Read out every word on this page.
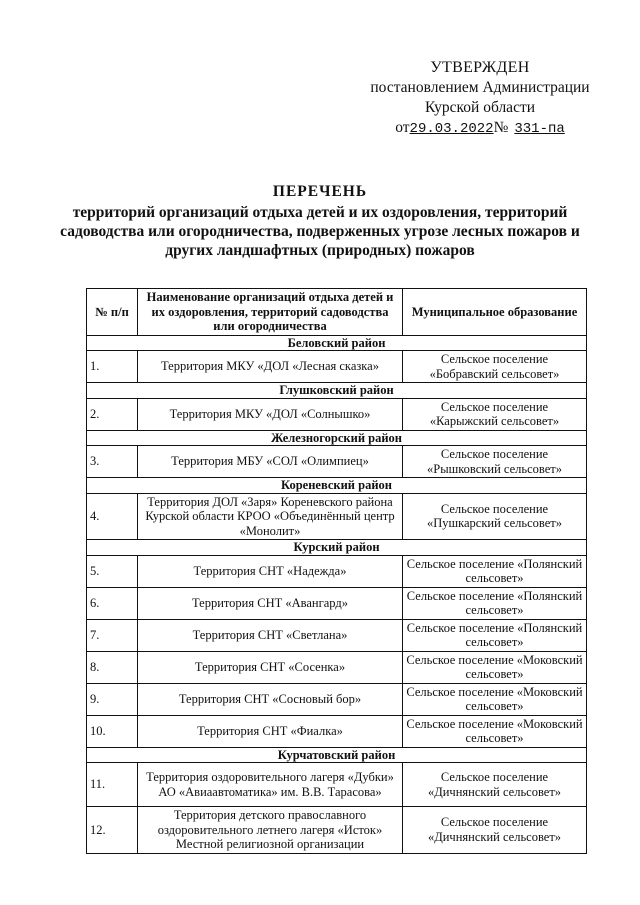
УТВЕРЖДЕН
постановлением Администрации
Курской области
от29.03.2022№ 331-па
ПЕРЕЧЕНЬ
территорий организаций отдыха детей и их оздоровления, территорий садоводства или огородничества, подверженных угрозе лесных пожаров и других ландшафтных (природных) пожаров
№ п/п	Наименование организаций отдыха детей и их оздоровления, территорий садоводства или огородничества	Муниципальное образование
Беловский район		
1.	Территория МКУ «ДОЛ «Лесная сказка»	Сельское поселение «Бобравский сельсовет»
Глушковский район		
2.	Территория МКУ «ДОЛ «Солнышко»	Сельское поселение «Карыжский сельсовет»
Железногорский район		
3.	Территория МБУ «СОЛ «Олимпиец»	Сельское поселение «Рышковский сельсовет»
Кореневский район		
4.	Территория ДОЛ «Заря» Кореневского района Курской области КРОО «Объединённый центр «Монолит»	Сельское поселение «Пушкарский сельсовет»
Курский район		
5.	Территория СНТ «Надежда»	Сельское поселение «Полянский сельсовет»
6.	Территория СНТ «Авангард»	Сельское поселение «Полянский сельсовет»
7.	Территория СНТ «Светлана»	Сельское поселение «Полянский сельсовет»
8.	Территория СНТ «Сосенка»	Сельское поселение «Моковский сельсовет»
9.	Территория СНТ «Сосновый бор»	Сельское поселение «Моковский сельсовет»
10.	Территория СНТ «Фиалка»	Сельское поселение «Моковский сельсовет»
Курчатовский район		
11.	Территория оздоровительного лагеря «Дубки» АО «Авиаавтоматика» им. В.В. Тарасова»	Сельское поселение «Дичнянский сельсовет»
12.	Территория детского православного оздоровительного летнего лагеря «Исток» Местной религиозной организации	Сельское поселение «Дичнянский сельсовет»
